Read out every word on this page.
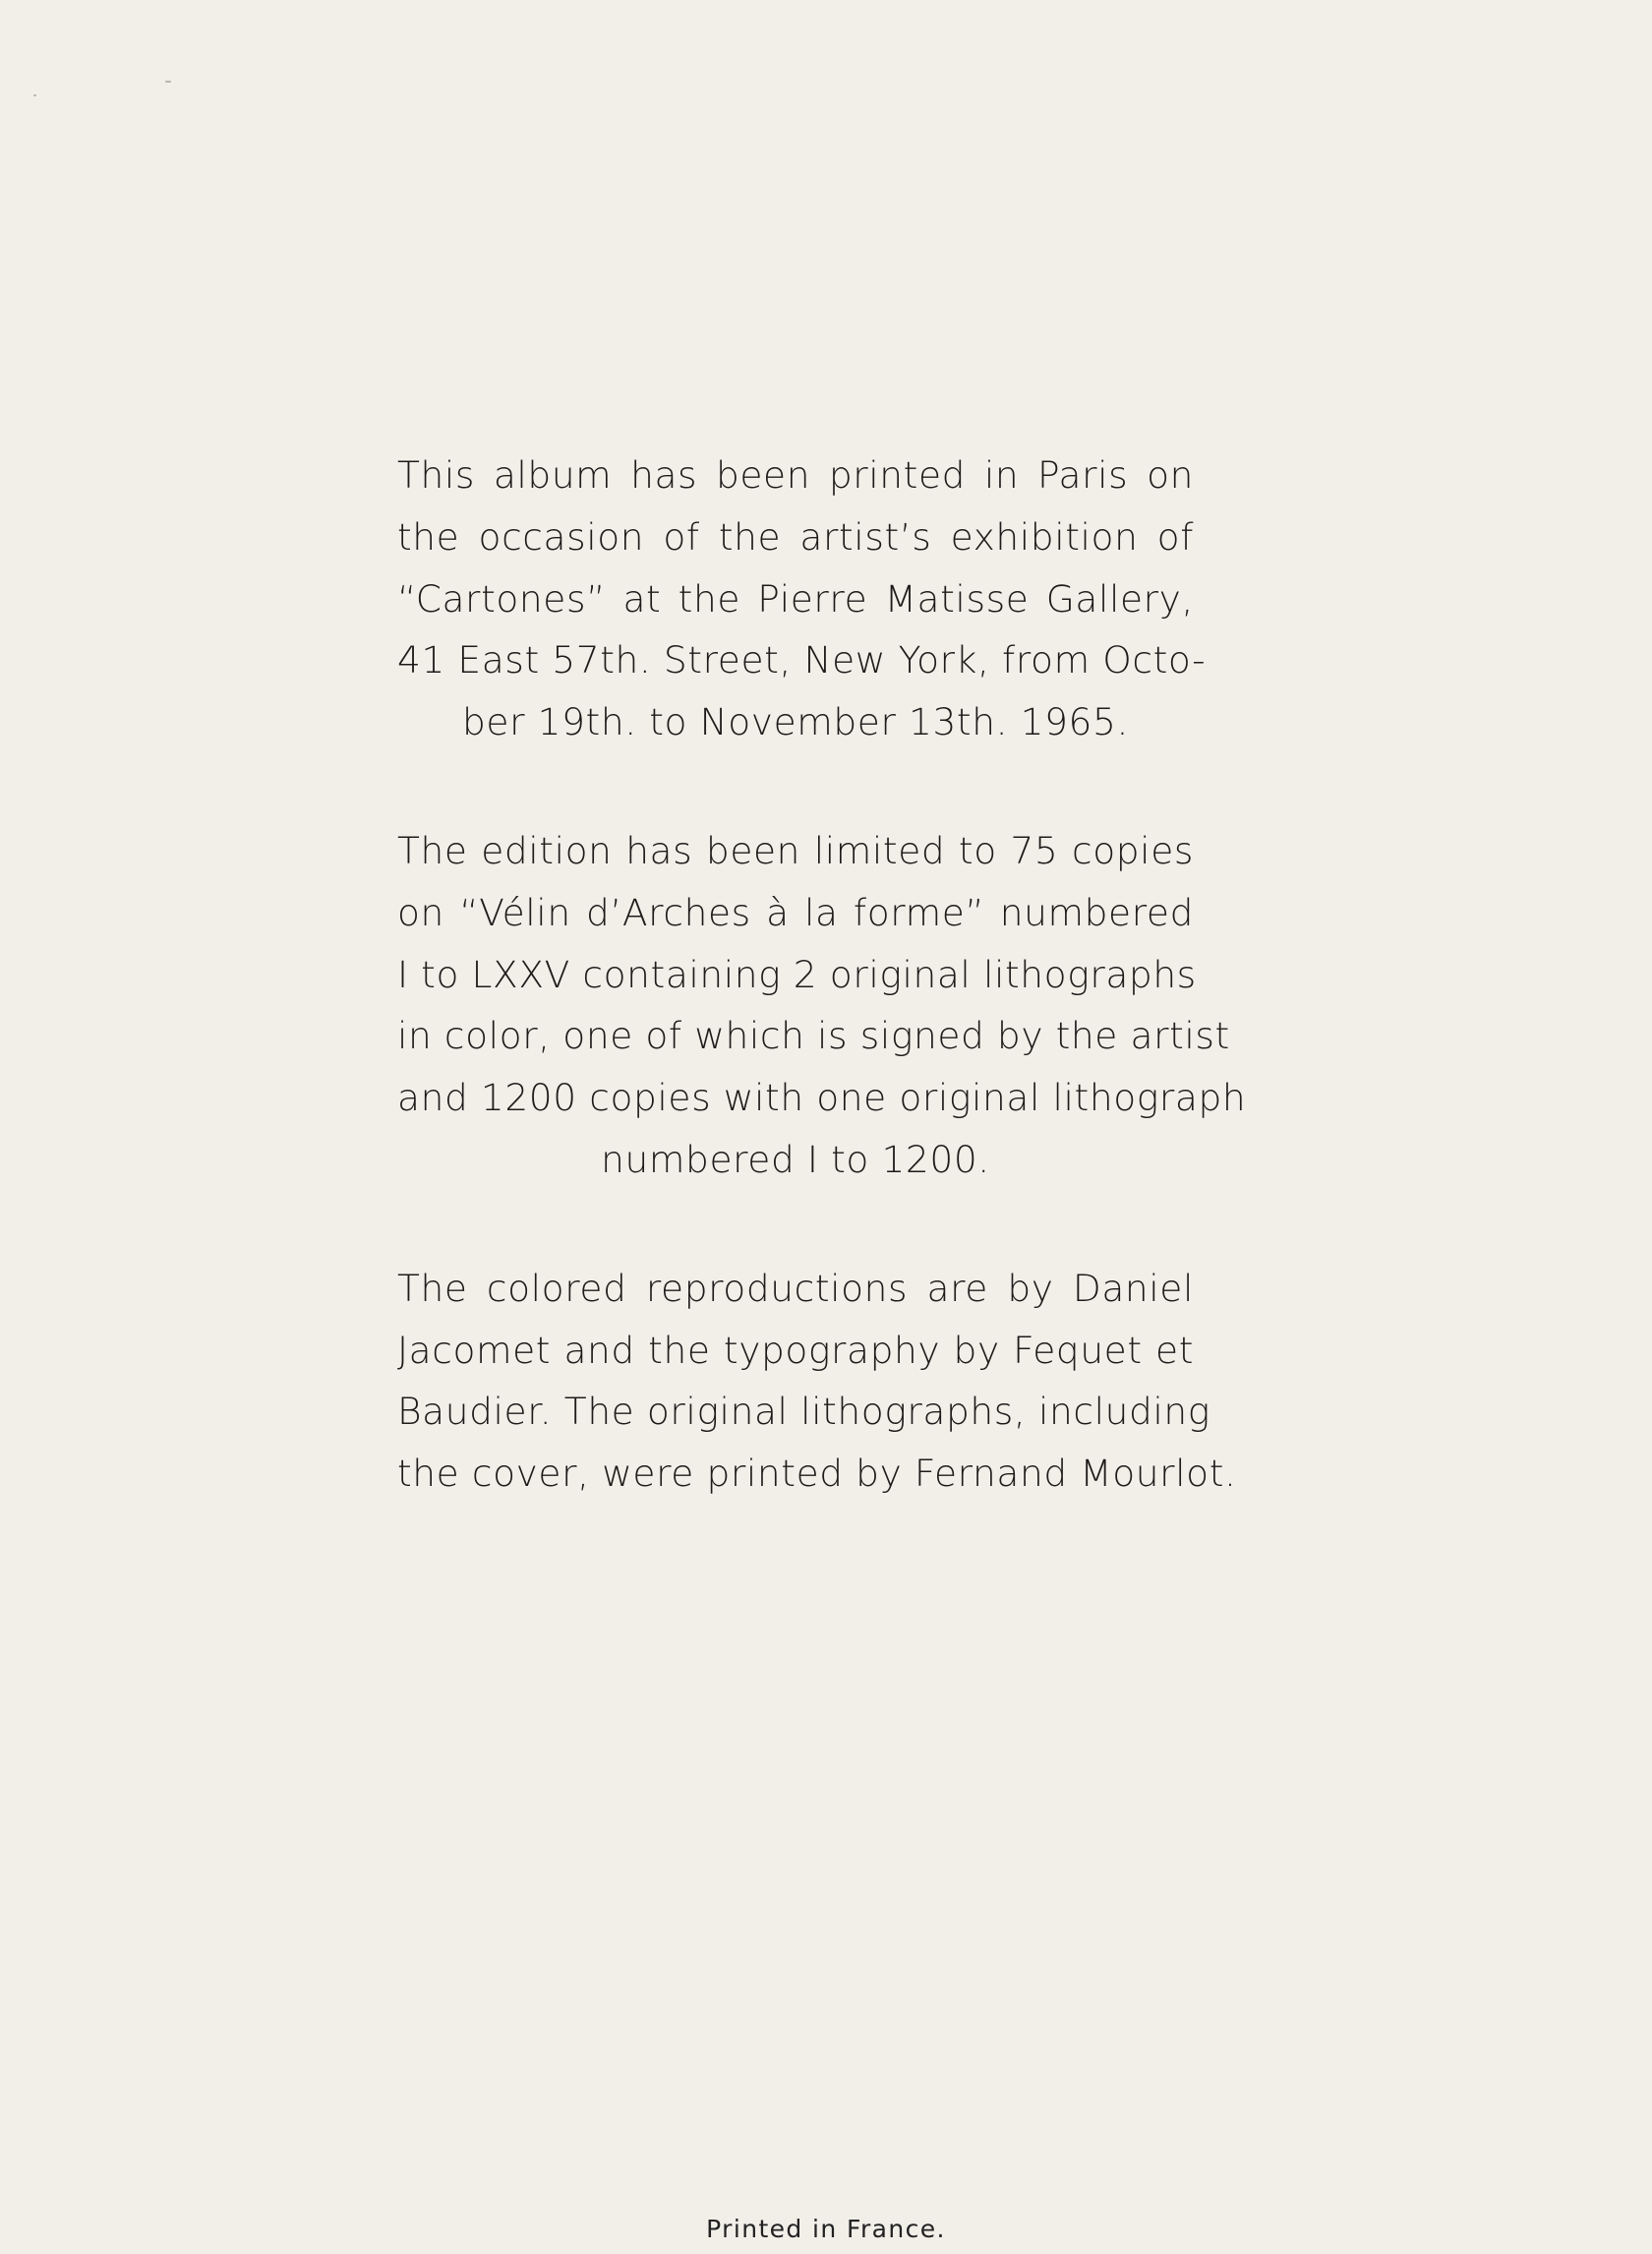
This album has been printed in Paris on
the occasion of the artist’s exhibition of
“Cartones” at the Pierre Matisse Gallery,
41 East 57th. Street, New York, from Octo-
ber 19th. to November 13th. 1965.
The edition has been limited to 75 copies
on “Vélin d’Arches à la forme” numbered
I to LXXV containing 2 original lithographs
in color, one of which is signed by the artist
and 1200 copies with one original lithograph
numbered I to 1200.
The colored reproductions are by Daniel
Jacomet and the typography by Fequet et
Baudier. The original lithographs, including
the cover, were printed by Fernand Mourlot.
Printed in France.
